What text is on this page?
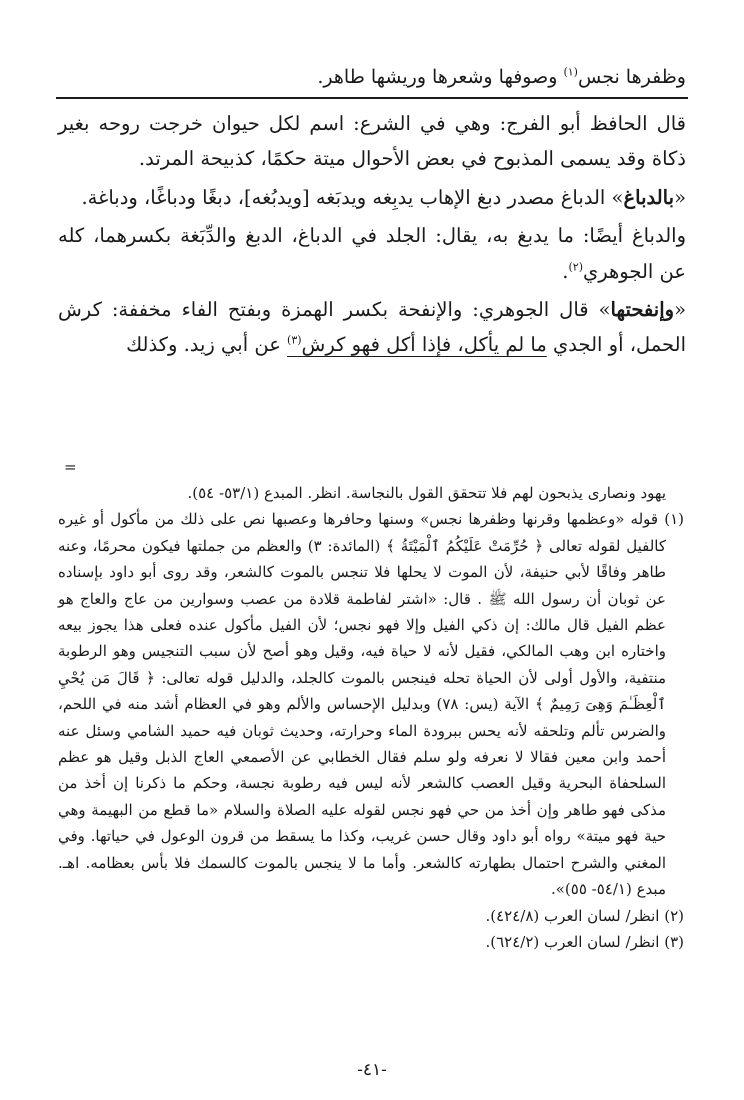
وظفرها نجس$^{(١)}$ وصوفها وشعرها وريشها طاهر.

قال الحافظ أبو الفرج: وهي في الشرع: اسم لكل حيوان خرجت روحه بغير ذكاة وقد يسمى المذبوح في بعض الأحوال ميتة حكمًا، كذبيحة المرتد.

«بالدباغ» الدباغ مصدر دبغ الإهاب يدبِغه ويدبَغه [ويدبُغه]، دبغًا ودباغًا، ودباغة.

والدباغ أيضًا: ما يدبغ به، يقال: الجلد في الدباغ، الدبغ والدِّبَغة بكسرهما، كله عن الجوهري$^{(٢)}$.

«وإنفحتها» قال الجوهري: والإنفحة بكسر الهمزة وبفتح الفاء مخففة: كرش الحمل، أو الجدي ما لم يأكل، فإذا أكل فهو كرش$^{(٣)}$ عن أبي زيد. وكذلك

=

يهود ونصارى يذبحون لهم فلا تتحقق القول بالنجاسة. انظر. المبدع (٥٣/١- ٥٤).

(١) قوله «وعظمها وقرنها وظفرها نجس» وسنها وحافرها وعصبها نص على ذلك من مأكول أو غيره كالفيل لقوله تعالى ﴿ حُرِّمَتْ عَلَيْكُمُ ٱلْمَيْتَةُ ﴾ (المائدة: ٣) والعظم من جملتها فيكون محرمًا، وعنه طاهر وفاقًا لأبي حنيفة، لأن الموت لا يحلها فلا تنجس بالموت كالشعر، وقد روى أبو داود بإسناده عن ثوبان أن رسول الله ﷺ . قال: «اشتر لفاطمة قلادة من عصب وسوارين من عاج والعاج هو عظم الفيل قال مالك: إن ذكي الفيل وإلا فهو نجس؛ لأن الفيل مأكول عنده فعلى هذا يجوز بيعه واختاره ابن وهب المالكي، فقيل لأنه لا حياة فيه، وقيل وهو أصح لأن سبب التنجيس وهو الرطوبة منتفية، والأول أولى لأن الحياة تحله فينجس بالموت كالجلد، والدليل قوله تعالى: ﴿ قَالَ مَن يُحْيِ ٱلْعِظَـٰمَ وَهِىَ رَمِيمٌ ﴾ الآية (يس: ٧٨) وبدليل الإحساس والألم وهو في العظام أشد منه في اللحم، والضرس تألم وتلحقه لأنه يحس ببرودة الماء وحرارته، وحديث ثوبان فيه حميد الشامي وسئل عنه أحمد وابن معين فقالا لا نعرفه ولو سلم فقال الخطابي عن الأصمعي العاج الذبل وقيل هو عظم السلحفاة البحرية وقيل العصب كالشعر لأنه ليس فيه رطوبة نجسة، وحكم ما ذكرنا إن أخذ من مذكى فهو طاهر وإن أخذ من حي فهو نجس لقوله عليه الصلاة والسلام «ما قطع من البهيمة وهي حية فهو ميتة» رواه أبو داود وقال حسن غريب، وكذا ما يسقط من قرون الوعول في حياتها. وفي المغني والشرح احتمال بطهارته كالشعر. وأما ما لا ينجس بالموت كالسمك فلا بأس بعظامه. اهـ. مبدع (٥٤/١- ٥٥)».

(٢) انظر/ لسان العرب (٤٢٤/٨).

(٣) انظر/ لسان العرب (٦٢٤/٢).

-٤١-
